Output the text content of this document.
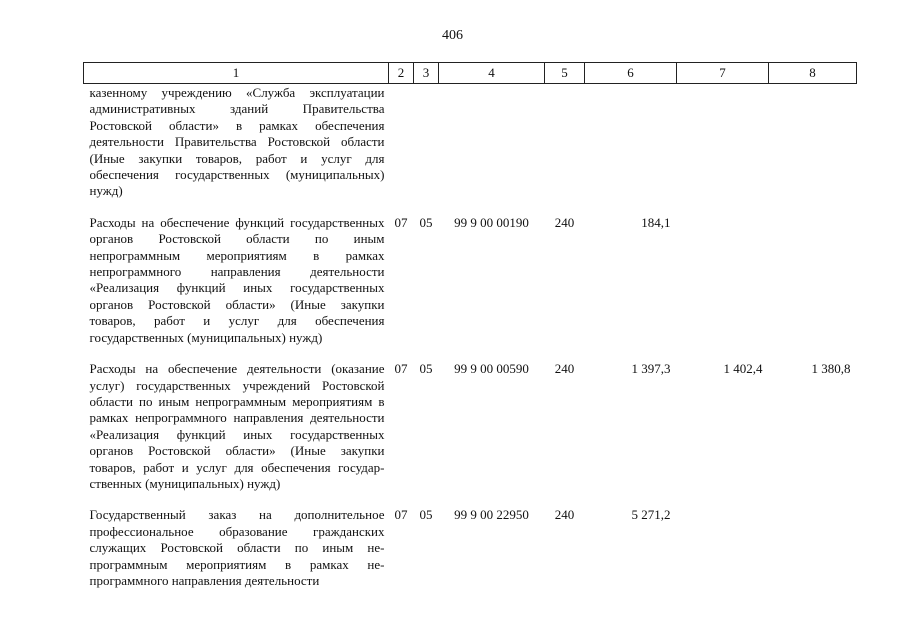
406
1	2	3	4	5	6	7	8
казенному учреждению «Служба эксплуатации административных зданий Правительства Ростовской области» в рамках обеспечения деятельности Правительства Ростовской области (Иные закупки товаров, работ и услуг для обеспечения государственных (муниципальных) нужд)							
Расходы на обеспечение функций государственных органов Ростовской области по иным непрограммным мероприятиям в рамках непрограммного направления деятельности «Реализация функций иных государственных органов Ростовской области» (Иные закупки товаров, работ и услуг для обеспечения государственных (муниципальных) нужд)	07	05	99 9 00 00190	240	184,1		
Расходы на обеспечение деятельности (оказание услуг) государственных учреждений Ростовской области по иным непрограммным мероприятиям в рамках непрограммного направления деятельности «Реализация функций иных государственных органов Ростовской области» (Иные закупки товаров, работ и услуг для обеспечения государственных (муниципальных) нужд)	07	05	99 9 00 00590	240	1 397,3	1 402,4	1 380,8
Государственный заказ на дополнительное профессиональное образование гражданских служащих Ростовской области по иным непрограммным мероприятиям в рамках непрограммного направления деятельности	07	05	99 9 00 22950	240	5 271,2		
